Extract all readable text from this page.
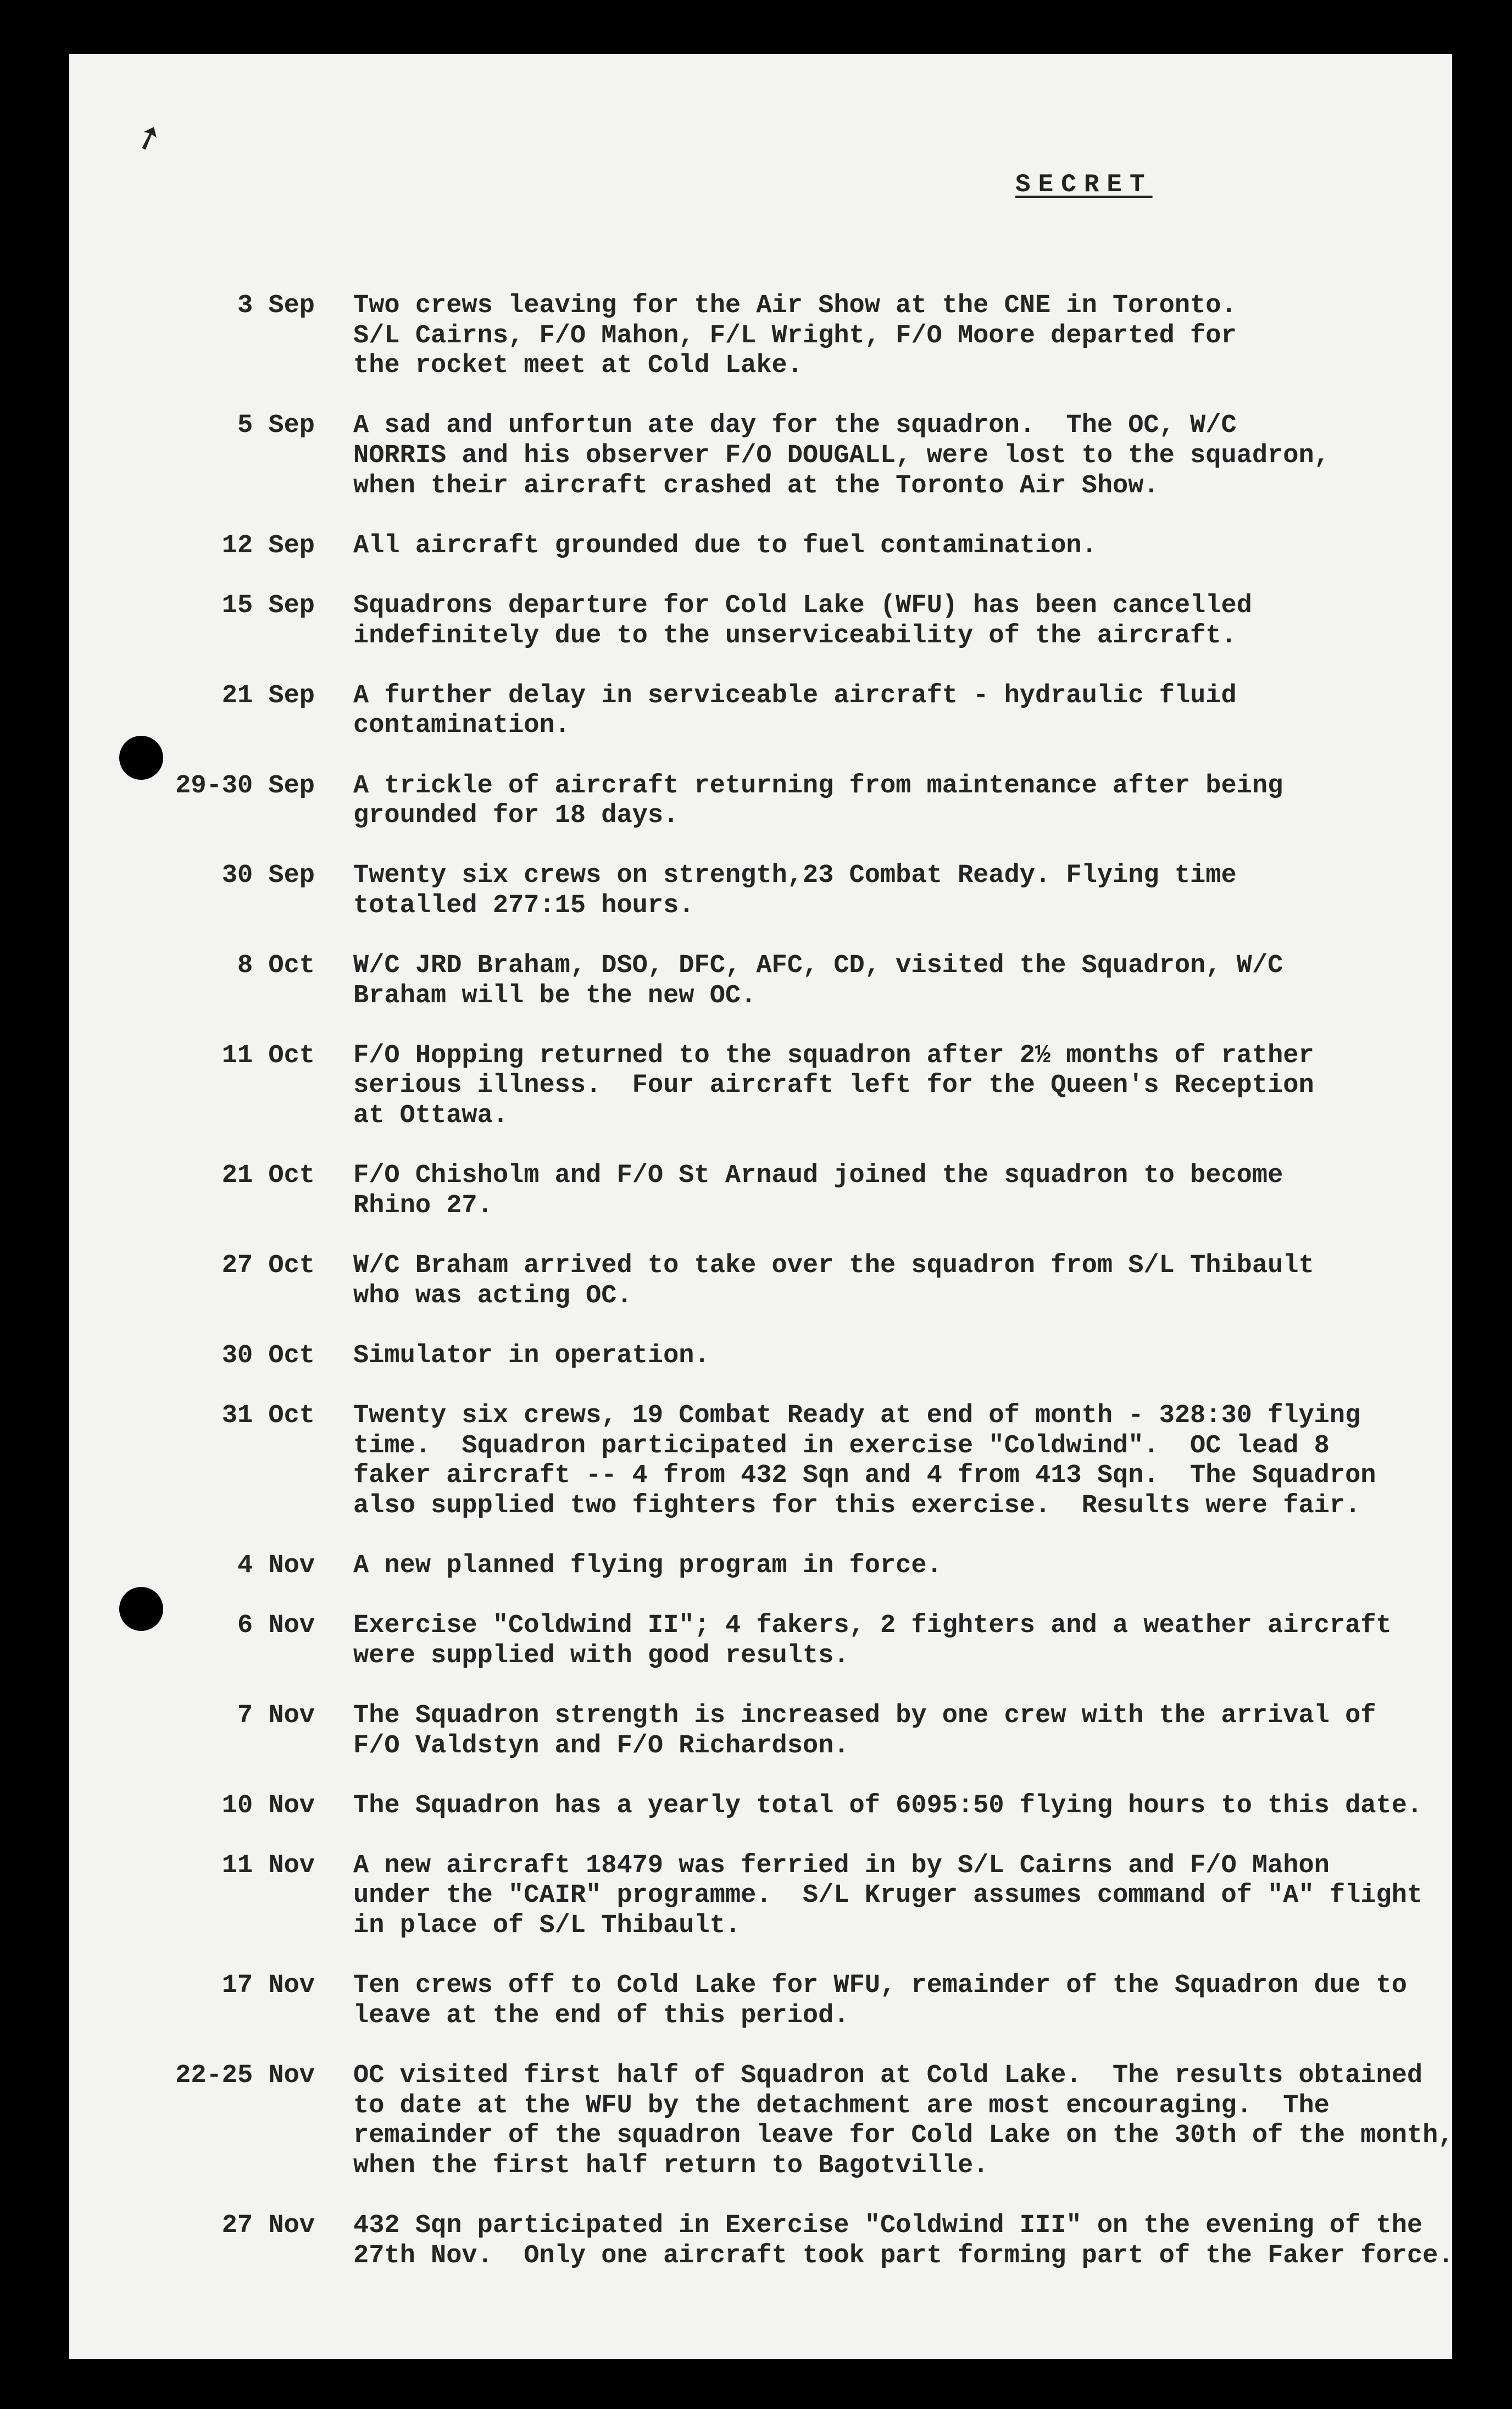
➚
SECRET
3 Sep Two crews leaving for the Air Show at the CNE in Toronto.
S/L Cairns, F/O Mahon, F/L Wright, F/O Moore departed for
the rocket meet at Cold Lake.
5 Sep A sad and unfortun ate day for the squadron.  The OC, W/C
NORRIS and his observer F/O DOUGALL, were lost to the squadron,
when their aircraft crashed at the Toronto Air Show.
12 Sep All aircraft grounded due to fuel contamination.
15 Sep Squadrons departure for Cold Lake (WFU) has been cancelled
indefinitely due to the unserviceability of the aircraft.
21 Sep A further delay in serviceable aircraft - hydraulic fluid
contamination.
29-30 Sep A trickle of aircraft returning from maintenance after being
grounded for 18 days.
30 Sep Twenty six crews on strength,23 Combat Ready. Flying time
totalled 277:15 hours.
8 Oct W/C JRD Braham, DSO, DFC, AFC, CD, visited the Squadron, W/C
Braham will be the new OC.
11 Oct F/O Hopping returned to the squadron after 2½ months of rather
serious illness.  Four aircraft left for the Queen's Reception
at Ottawa.
21 Oct F/O Chisholm and F/O St Arnaud joined the squadron to become
Rhino 27.
27 Oct W/C Braham arrived to take over the squadron from S/L Thibault
who was acting OC.
30 Oct Simulator in operation.
31 Oct Twenty six crews, 19 Combat Ready at end of month - 328:30 flying
time.  Squadron participated in exercise "Coldwind".  OC lead 8
faker aircraft -- 4 from 432 Sqn and 4 from 413 Sqn.  The Squadron
also supplied two fighters for this exercise.  Results were fair.
4 Nov A new planned flying program in force.
6 Nov Exercise "Coldwind II"; 4 fakers, 2 fighters and a weather aircraft
were supplied with good results.
7 Nov The Squadron strength is increased by one crew with the arrival of
F/O Valdstyn and F/O Richardson.
10 Nov The Squadron has a yearly total of 6095:50 flying hours to this date.
11 Nov A new aircraft 18479 was ferried in by S/L Cairns and F/O Mahon
under the "CAIR" programme.  S/L Kruger assumes command of "A" flight
in place of S/L Thibault.
17 Nov Ten crews off to Cold Lake for WFU, remainder of the Squadron due to
leave at the end of this period.
22-25 Nov OC visited first half of Squadron at Cold Lake.  The results obtained
to date at the WFU by the detachment are most encouraging.  The
remainder of the squadron leave for Cold Lake on the 30th of the month,
when the first half return to Bagotville.
27 Nov 432 Sqn participated in Exercise "Coldwind III" on the evening of the
27th Nov.  Only one aircraft took part forming part of the Faker force.
